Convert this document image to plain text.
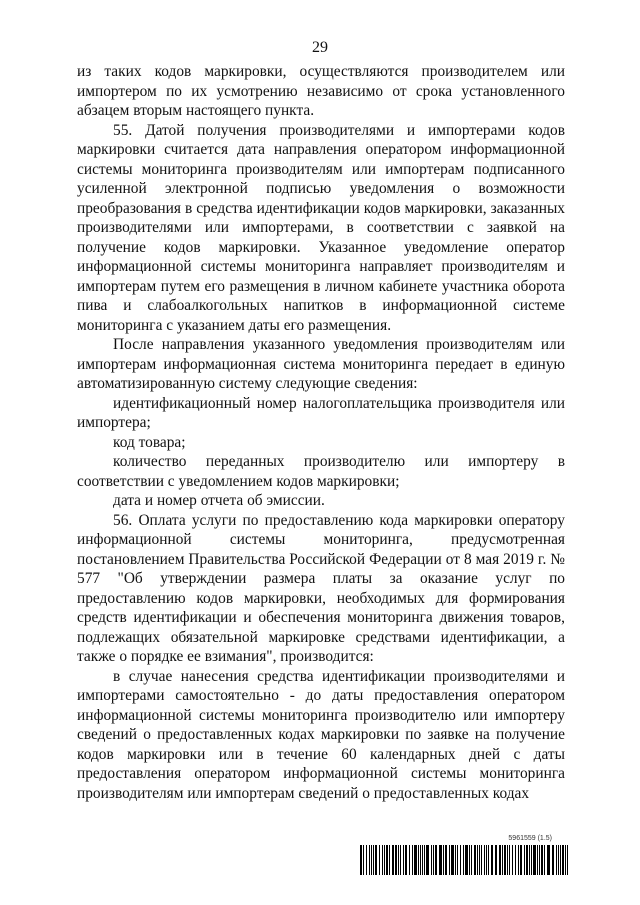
29

из таких кодов маркировки, осуществляются производителем или импортером по их усмотрению независимо от срока установленного абзацем вторым настоящего пункта.

55. Датой получения производителями и импортерами кодов маркировки считается дата направления оператором информационной системы мониторинга производителям или импортерам подписанного усиленной электронной подписью уведомления о возможности преобразования в средства идентификации кодов маркировки, заказанных производителями или импортерами, в соответствии с заявкой на получение кодов маркировки. Указанное уведомление оператор информационной системы мониторинга направляет производителям и импортерам путем его размещения в личном кабинете участника оборота пива и слабоалкогольных напитков в информационной системе мониторинга с указанием даты его размещения.

После направления указанного уведомления производителям или импортерам информационная система мониторинга передает в единую автоматизированную систему следующие сведения:

идентификационный номер налогоплательщика производителя или импортера;

код товара;

количество переданных производителю или импортеру в соответствии с уведомлением кодов маркировки;

дата и номер отчета об эмиссии.

56. Оплата услуги по предоставлению кода маркировки оператору информационной системы мониторинга, предусмотренная постановлением Правительства Российской Федерации от 8 мая 2019 г. № 577 "Об утверждении размера платы за оказание услуг по предоставлению кодов маркировки, необходимых для формирования средств идентификации и обеспечения мониторинга движения товаров, подлежащих обязательной маркировке средствами идентификации, а также о порядке ее взимания", производится:

в случае нанесения средства идентификации производителями и импортерами самостоятельно - до даты предоставления оператором информационной системы мониторинга производителю или импортеру сведений о предоставленных кодах маркировки по заявке на получение кодов маркировки или в течение 60 календарных дней с даты предоставления оператором информационной системы мониторинга производителям или импортерам сведений о предоставленных кодах

5961559 (1.5)
